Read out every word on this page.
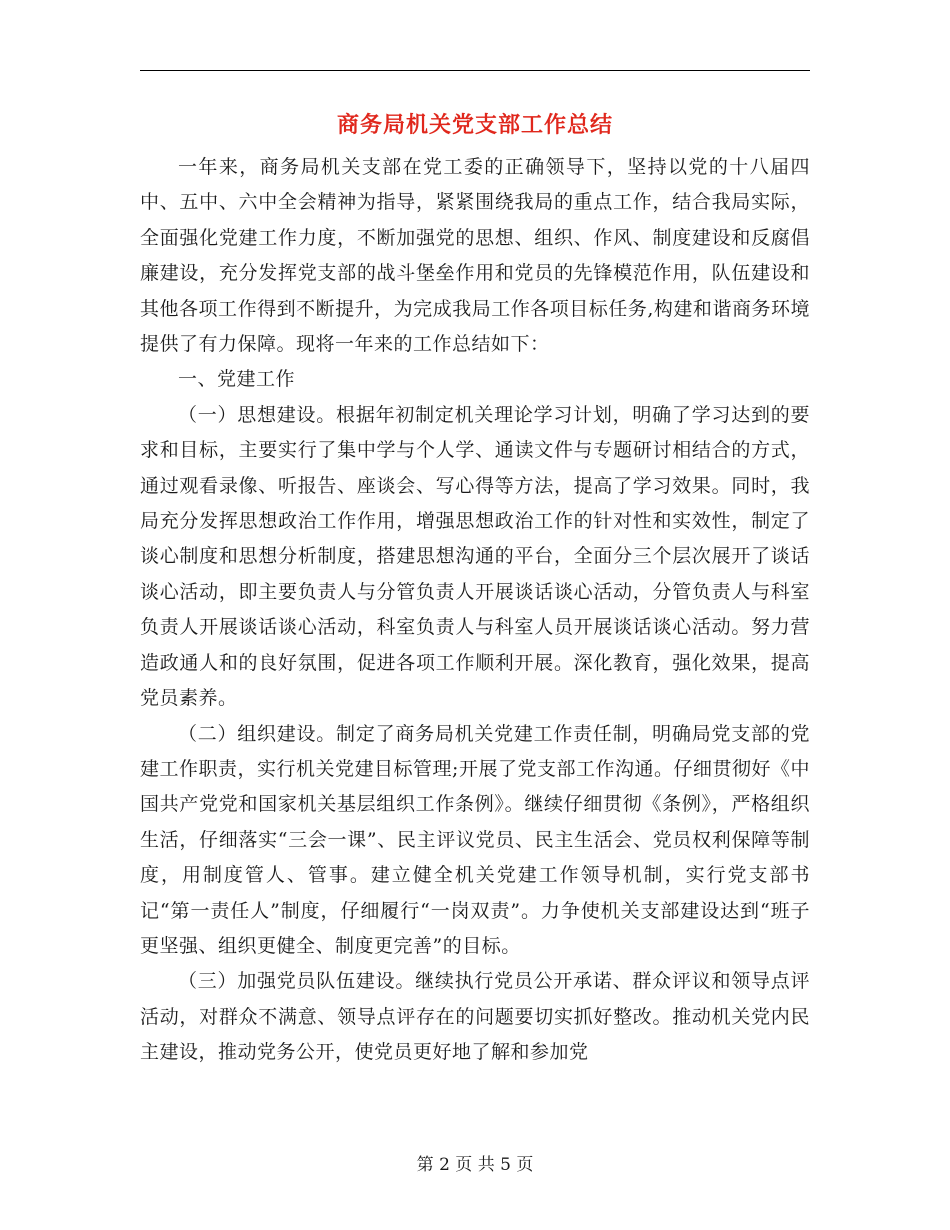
商务局机关党支部工作总结

一年来，商务局机关支部在党工委的正确领导下，坚持以党的十八届四中、五中、六中全会精神为指导，紧紧围绕我局的重点工作，结合我局实际，全面强化党建工作力度，不断加强党的思想、组织、作风、制度建设和反腐倡廉建设，充分发挥党支部的战斗堡垒作用和党员的先锋模范作用，队伍建设和其他各项工作得到不断提升，为完成我局工作各项目标任务,构建和谐商务环境提供了有力保障。现将一年来的工作总结如下：

一、党建工作

（一）思想建设。根据年初制定机关理论学习计划，明确了学习达到的要求和目标，主要实行了集中学与个人学、通读文件与专题研讨相结合的方式，通过观看录像、听报告、座谈会、写心得等方法，提高了学习效果。同时，我局充分发挥思想政治工作作用，增强思想政治工作的针对性和实效性，制定了谈心制度和思想分析制度，搭建思想沟通的平台，全面分三个层次展开了谈话谈心活动，即主要负责人与分管负责人开展谈话谈心活动，分管负责人与科室负责人开展谈话谈心活动，科室负责人与科室人员开展谈话谈心活动。努力营造政通人和的良好氛围，促进各项工作顺利开展。深化教育，强化效果，提高党员素养。

（二）组织建设。制定了商务局机关党建工作责任制，明确局党支部的党建工作职责，实行机关党建目标管理;开展了党支部工作沟通。仔细贯彻好《中国共产党党和国家机关基层组织工作条例》。继续仔细贯彻《条例》，严格组织生活，仔细落实“三会一课”、民主评议党员、民主生活会、党员权利保障等制度，用制度管人、管事。建立健全机关党建工作领导机制，实行党支部书记“第一责任人”制度，仔细履行“一岗双责”。力争使机关支部建设达到“班子更坚强、组织更健全、制度更完善”的目标。

（三）加强党员队伍建设。继续执行党员公开承诺、群众评议和领导点评活动，对群众不满意、领导点评存在的问题要切实抓好整改。推动机关党内民主建设，推动党务公开，使党员更好地了解和参加党

第 2 页 共 5 页
